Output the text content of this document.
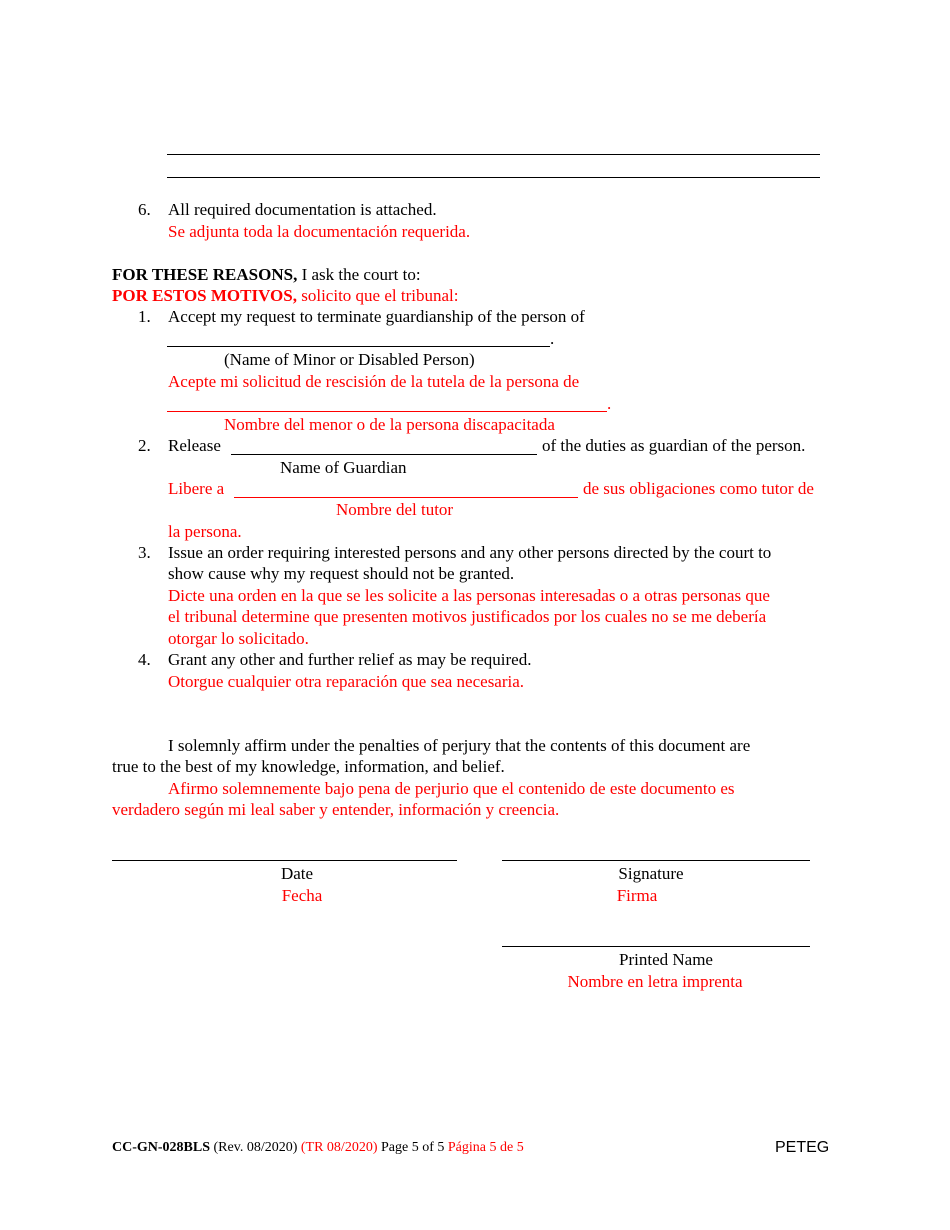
6. All required documentation is attached.
Se adjunta toda la documentación requerida.
FOR THESE REASONS, I ask the court to:
POR ESTOS MOTIVOS, solicito que el tribunal:
1. Accept my request to terminate guardianship of the person of
.
(Name of Minor or Disabled Person)
Acepte mi solicitud de rescisión de la tutela de la persona de
.
Nombre del menor o de la persona discapacitada
2. Release	of the duties as guardian of the person.
Name of Guardian
Libere a	de sus obligaciones como tutor de
Nombre del tutor
la persona.
3. Issue an order requiring interested persons and any other persons directed by the court to
show cause why my request should not be granted.
Dicte una orden en la que se les solicite a las personas interesadas o a otras personas que
el tribunal determine que presenten motivos justificados por los cuales no se me debería
otorgar lo solicitado.
4. Grant any other and further relief as may be required.
Otorgue cualquier otra reparación que sea necesaria.
I solemnly affirm under the penalties of perjury that the contents of this document are
true to the best of my knowledge, information, and belief.
Afirmo solemnemente bajo pena de perjurio que el contenido de este documento es
verdadero según mi leal saber y entender, información y creencia.
Date
Fecha
Signature
Firma
Printed Name
Nombre en letra imprenta
CC-GN-028BLS (Rev. 08/2020) (TR 08/2020) Page 5 of 5 Página 5 de 5	PETEG
